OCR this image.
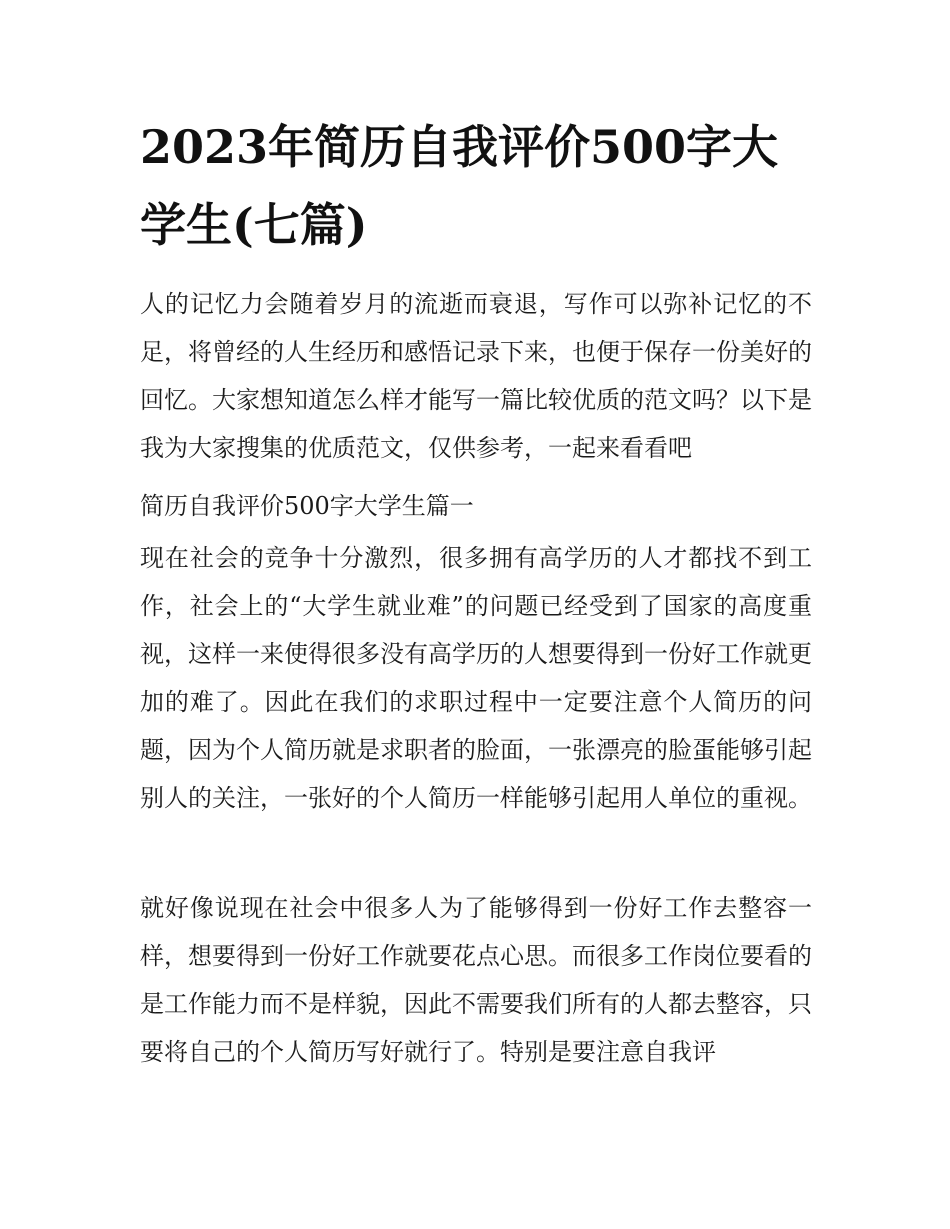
2023年简历自我评价500字大学生(七篇)

人的记忆力会随着岁月的流逝而衰退，写作可以弥补记忆的不足，将曾经的人生经历和感悟记录下来，也便于保存一份美好的回忆。大家想知道怎么样才能写一篇比较优质的范文吗？以下是我为大家搜集的优质范文，仅供参考，一起来看看吧

简历自我评价500字大学生篇一

现在社会的竞争十分激烈，很多拥有高学历的人才都找不到工作，社会上的“大学生就业难”的问题已经受到了国家的高度重视，这样一来使得很多没有高学历的人想要得到一份好工作就更加的难了。因此在我们的求职过程中一定要注意个人简历的问题，因为个人简历就是求职者的脸面，一张漂亮的脸蛋能够引起别人的关注，一张好的个人简历一样能够引起用人单位的重视。

就好像说现在社会中很多人为了能够得到一份好工作去整容一样，想要得到一份好工作就要花点心思。而很多工作岗位要看的是工作能力而不是样貌，因此不需要我们所有的人都去整容，只要将自己的个人简历写好就行了。特别是要注意自我评
